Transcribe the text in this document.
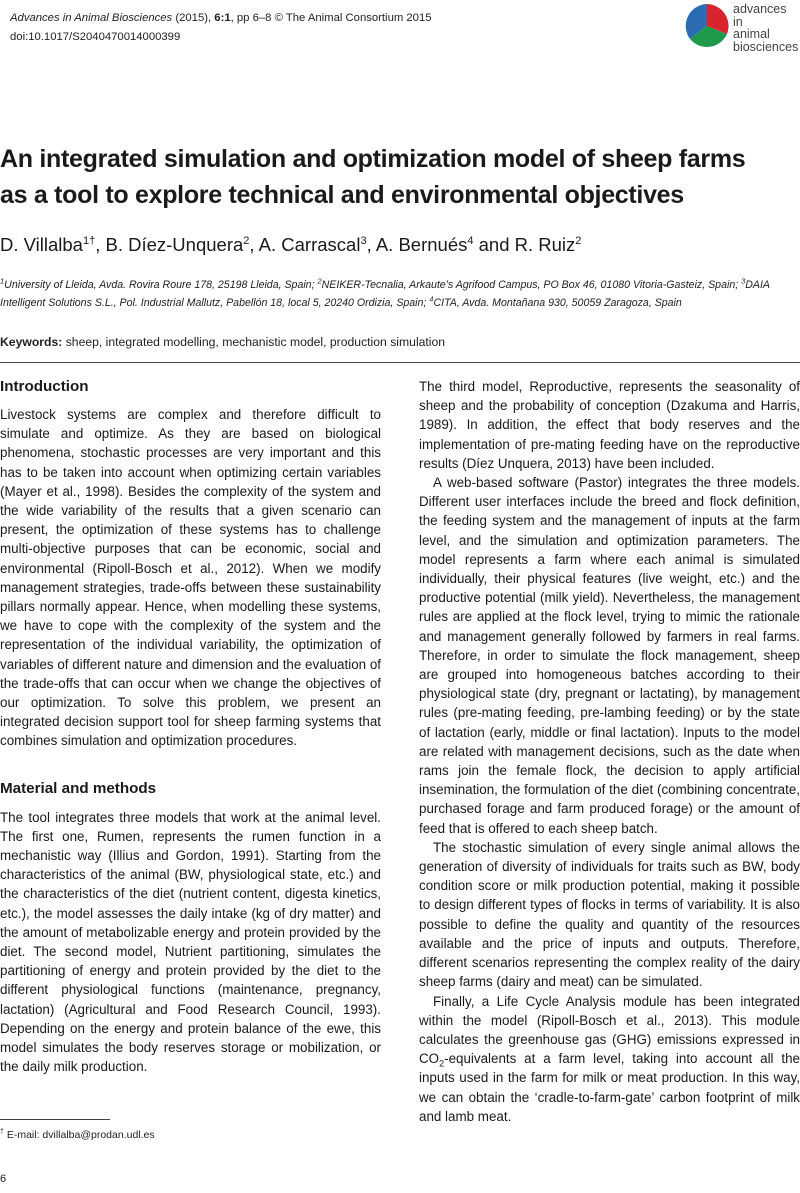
Advances in Animal Biosciences (2015), 6:1, pp 6–8 © The Animal Consortium 2015
doi:10.1017/S2040470014000399
advances in
animal
biosciences
An integrated simulation and optimization model of sheep farms
as a tool to explore technical and environmental objectives
D. Villalba$^{1\dagger}$, B. Díez-Unquera$^2$, A. Carrascal$^3$, A. Bernués$^4$ and R. Ruiz$^2$
$^1$University of Lleida, Avda. Rovira Roure 178, 25198 Lleida, Spain; $^2$NEIKER-Tecnalia, Arkaute’s Agrifood Campus, PO Box 46, 01080 Vitoria-Gasteiz, Spain; $^3$DAIA
Intelligent Solutions S.L., Pol. Industrial Mallutz, Pabellón 18, local 5, 20240 Ordizia, Spain; $^4$CITA, Avda. Montañana 930, 50059 Zaragoza, Spain
Keywords: sheep, integrated modelling, mechanistic model, production simulation
Introduction

Livestock systems are complex and therefore difficult to simulate and optimize. As they are based on biological phenomena, stochastic processes are very important and this has to be taken into account when optimizing certain variables (Mayer et al., 1998). Besides the complexity of the system and the wide variability of the results that a given scenario can present, the optimization of these systems has to challenge multi-objective purposes that can be economic, social and environmental (Ripoll-Bosch et al., 2012). When we modify management strategies, trade-offs between these sustainability pillars normally appear. Hence, when modelling these systems, we have to cope with the complexity of the system and the representation of the individual variability, the optimization of variables of different nature and dimension and the evaluation of the trade-offs that can occur when we change the objectives of our optimization. To solve this problem, we present an integrated decision support tool for sheep farming systems that combines simulation and optimization procedures.

Material and methods

The tool integrates three models that work at the animal level. The first one, Rumen, represents the rumen function in a mechanistic way (Illius and Gordon, 1991). Starting from the characteristics of the animal (BW, physiological state, etc.) and the characteristics of the diet (nutrient content, digesta kinetics, etc.), the model assesses the daily intake (kg of dry matter) and the amount of metabolizable energy and protein provided by the diet. The second model, Nutrient partitioning, simulates the partitioning of energy and protein provided by the diet to the different physiological functions (maintenance, pregnancy, lactation) (Agricultural and Food Research Council, 1993). Depending on the energy and protein balance of the ewe, this model simulates the body reserves storage or mobilization, or the daily milk production.

The third model, Reproductive, represents the seasonality of sheep and the probability of conception (Dzakuma and Harris, 1989). In addition, the effect that body reserves and the implementation of pre-mating feeding have on the reproductive results (Díez Unquera, 2013) have been included.

A web-based software (Pastor) integrates the three models. Different user interfaces include the breed and flock definition, the feeding system and the management of inputs at the farm level, and the simulation and optimization parameters. The model represents a farm where each animal is simulated individually, their physical features (live weight, etc.) and the productive potential (milk yield). Nevertheless, the management rules are applied at the flock level, trying to mimic the rationale and management generally followed by farmers in real farms. Therefore, in order to simulate the flock management, sheep are grouped into homogeneous batches according to their physiological state (dry, pregnant or lactating), by management rules (pre-mating feeding, pre-lambing feeding) or by the state of lactation (early, middle or final lactation). Inputs to the model are related with management decisions, such as the date when rams join the female flock, the decision to apply artificial insemination, the formulation of the diet (combining concentrate, purchased forage and farm produced forage) or the amount of feed that is offered to each sheep batch.

The stochastic simulation of every single animal allows the generation of diversity of individuals for traits such as BW, body condition score or milk production potential, making it possible to design different types of flocks in terms of variability. It is also possible to define the quality and quantity of the resources available and the price of inputs and outputs. Therefore, different scenarios representing the complex reality of the dairy sheep farms (dairy and meat) can be simulated.

Finally, a Life Cycle Analysis module has been integrated within the model (Ripoll-Bosch et al., 2013). This module calculates the greenhouse gas (GHG) emissions expressed in $CO_2$-equivalents at a farm level, taking into account all the inputs used in the farm for milk or meat production. In this way, we can obtain the ‘cradle-to-farm-gate’ carbon footprint of milk and lamb meat.

† E-mail: dvillalba@prodan.udl.es
6
